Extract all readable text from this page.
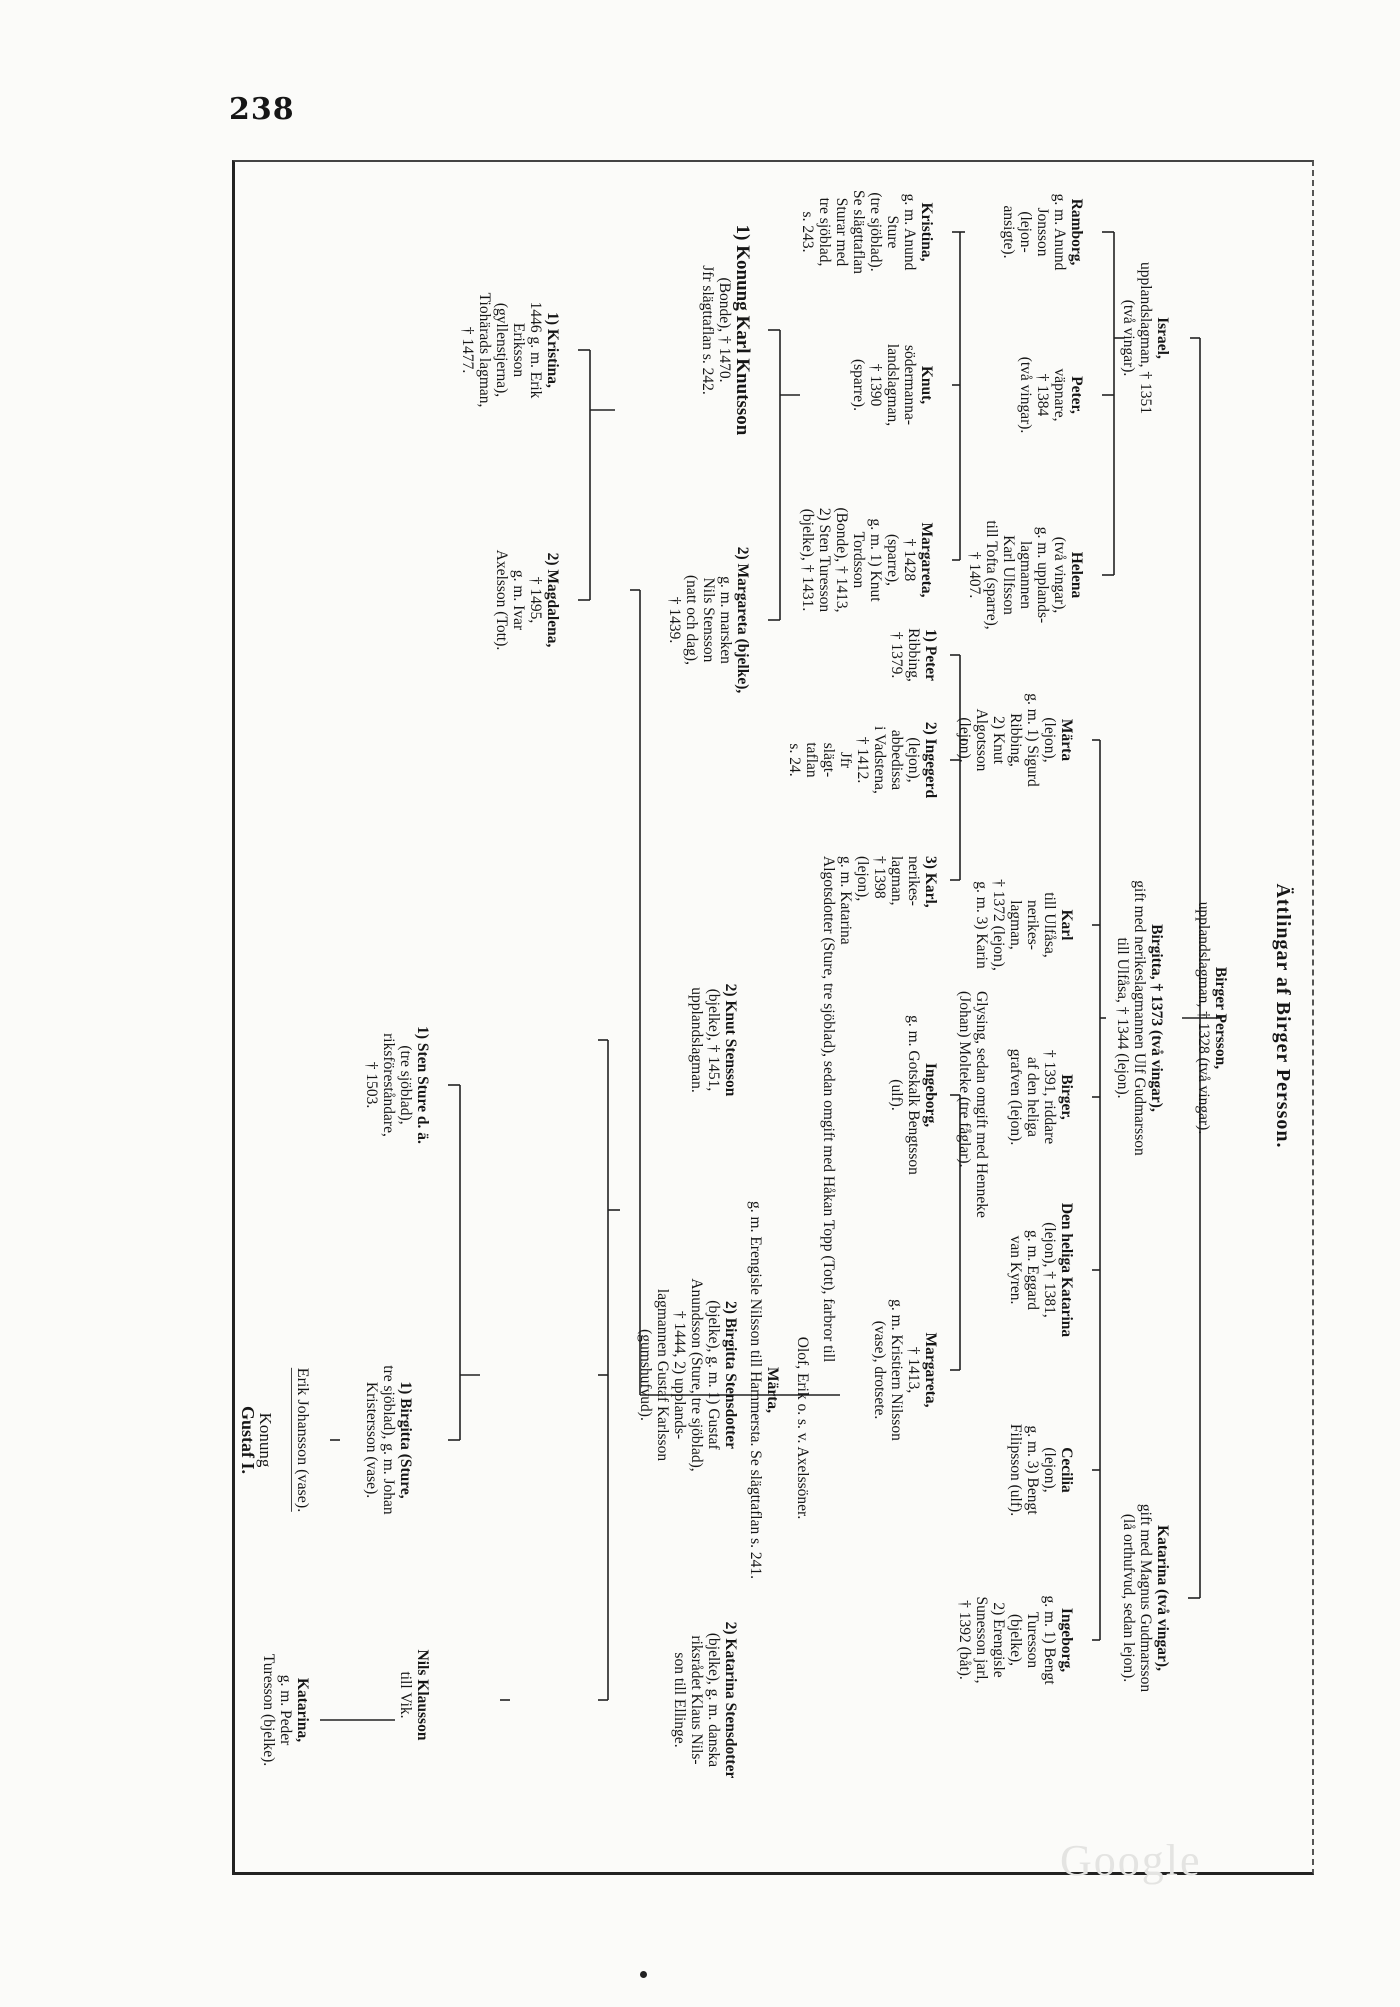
238
Ättlingar af Birger Persson.

Birger Persson,

upplandslagman, † 1328 (två vingar).

Israel,

upplandslagman, † 1351
(två vingar).

Birgitta, † 1373 (två vingar),

gift med nerikeslagmannen Ulf Gudmarsson
till Ulfåsa, † 1344 (lejon).

Katarina (två vingar),

gift med Magnus Gudmarsson
(lå orthufvud, sedan lejon).

Ramborg,

g. m. Anund
Jonsson
(lejon-
ansigte).

Peter,

väpnare,
† 1384
(två vingar).

Helena

(två vingar),
g. m. upplands-
lagmannen
Karl Ulfsson
till Tofta (sparre),
† 1407.

Kristina,

g. m. Anund
Sture
(tre sjöblad).
Se slägttaflan
Sturar med
tre sjöblad,
s. 243.

Knut,

södermanna-
landslagman,
† 1390
(sparre).

Margareta,

† 1428
(sparre),
g. m. 1) Knut
Tordsson
(Bonde), † 1413,
2) Sten Turesson
(bjelke), † 1431.

1) Konung Karl Knutsson

(Bonde), † 1470.
Jfr slägttaflan s. 242.

2) Margareta (bjelke),

g. m. marsken
Nils Stensson
(natt och dag),
† 1439.

1) Kristina,

1446 g. m. Erik
Eriksson
(gyllenstjerna),
Tiohärads lagman,
† 1477.

2) Magdalena,

† 1495,
g. m. Ivar
Axelsson (Tott).

Märta

(lejon),
g. m. 1) Sigurd
Ribbing,
2) Knut
Algotsson
(lejon).

Karl

till Ulfåsa,
nerikes-
lagman,
† 1372 (lejon),
g. m. 3) Karin

Birger,

† 1391, riddare
af den heliga
grafven (lejon).

Den heliga Katarina

(lejon), † 1381,
g. m. Eggard
van Kyren.

Cecilia

(lejon),
g. m. 3) Bengt
Filipsson (ulf).

Ingeborg,

g. m. 1) Bengt
Turesson
(bjelke),
2) Erengisle
Sunesson jarl,
† 1392 (båt).

Glysing, sedan omgift med Henneke
(Johan) Molteke (tre fåglar).

1) Peter

Ribbing,
† 1379.

2) Ingegerd

(lejon),
abbedissa
i Vadstena,
† 1412.
Jfr
slägt-
taflan
s. 24.

3) Karl,

nerikes-
lagman,
† 1398
(lejon),
g. m. Katarina
Algotsdotter (Sture, tre sjöblad), sedan omgift med Håkan Topp (Tott), farbror till

Ingeborg,

g. m. Gotskalk Bengtsson
(ulf).

Margareta,

† 1413,
g. m. Kristiern Nilsson
(vase), drotsete.

Olof, Erik o. s. v. Axelssöner.

Märta,

g. m. Erengisle Nilsson till Hammersta. Se slägttaflan s. 241.

2) Knut Stensson

(bjelke), † 1451,
upplandslagman.

2) Birgitta Stensdotter

(bjelke), g. m. 1) Gustaf
Anundsson (Sture, tre sjöblad),
† 1444, 2) upplands-
lagmannen Gustaf Karlsson
(gumshufvud).

2) Katarina Stensdotter

(bjelke), g. m. danska
riksrådet Klaus Nils-
son till Ellinge.

1) Sten Sture d. ä.

(tre sjöblad),
riksföreståndare,
† 1503.

1) Birgitta (Sture,

tre sjöblad), g. m. Johan
Kristersson (vase).

Erik Johansson (vase).

Konung
Gustaf I.

Nils Klausson

till Vik.

Katarina,

g. m. Peder
Turesson (bjelke).

Google
